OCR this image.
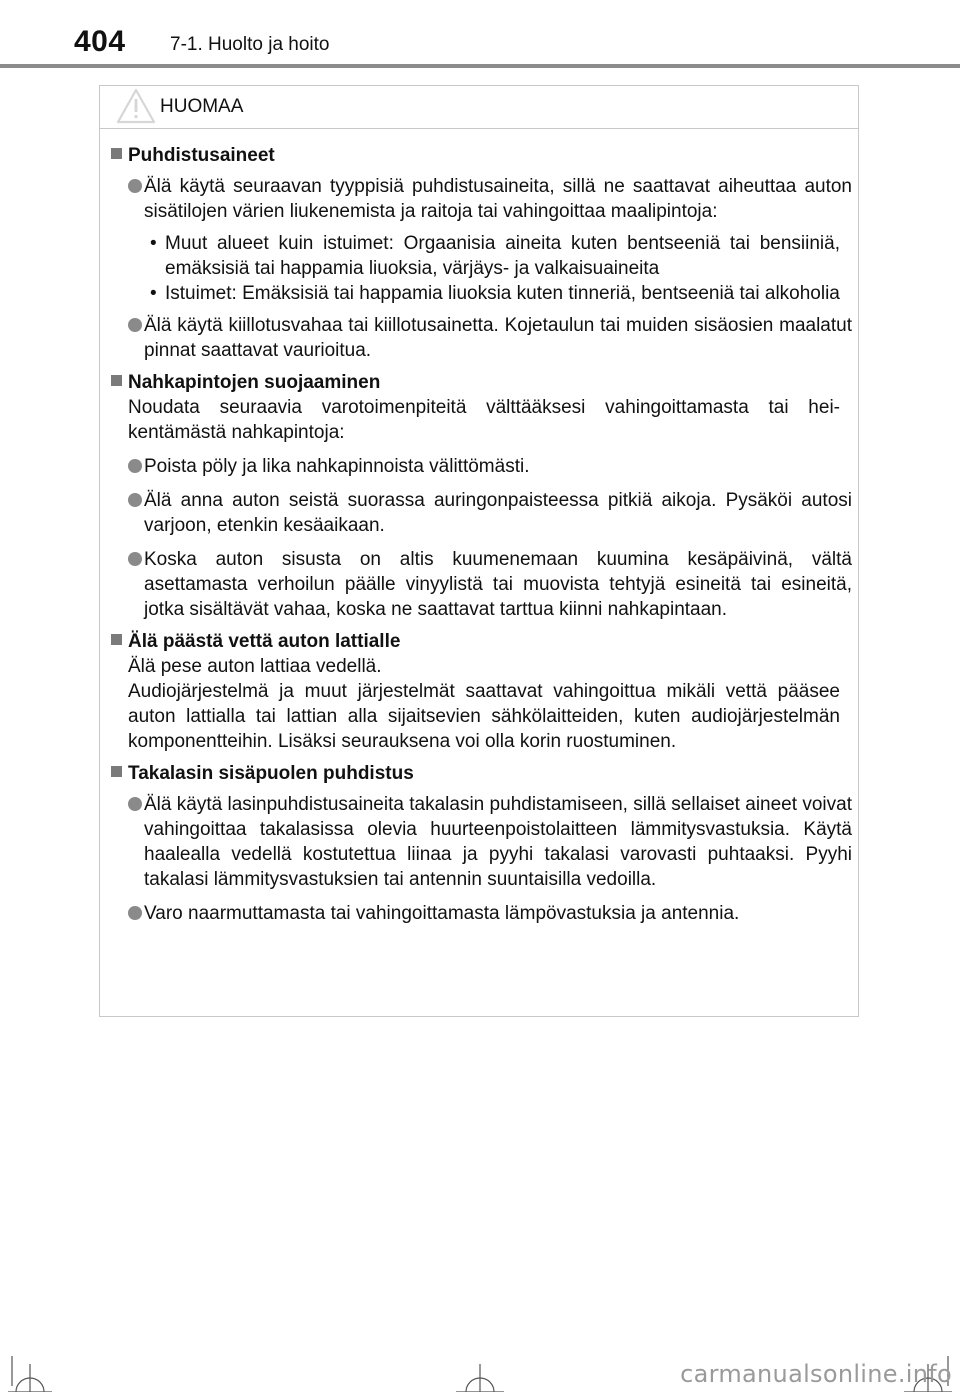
404 7-1. Huolto ja hoito
HUOMAA
Puhdistusaineet
Älä käytä seuraavan tyyppisiä puhdistusaineita, sillä ne saattavat aiheuttaa auton sisätilojen värien liukenemista ja raitoja tai vahingoittaa maalipintoja:
• Muut alueet kuin istuimet: Orgaanisia aineita kuten bentseeniä tai bensiiniä, emäksisiä tai happamia liuoksia, värjäys- ja valkaisuaineita
• Istuimet: Emäksisiä tai happamia liuoksia kuten tinneriä, bentseeniä tai alkoholia
Älä käytä kiillotusvahaa tai kiillotusainetta. Kojetaulun tai muiden sisäosien maalatut pinnat saattavat vaurioitua.
Nahkapintojen suojaaminen
Noudata seuraavia varotoimenpiteitä välttääksesi vahingoittamasta tai heikentämästä nahkapintoja:
Poista pöly ja lika nahkapinnoista välittömästi.
Älä anna auton seistä suorassa auringonpaisteessa pitkiä aikoja. Pysäköi autosi varjoon, etenkin kesäaikaan.
Koska auton sisusta on altis kuumenemaan kuumina kesäpäivinä, vältä asettamasta verhoilun päälle vinyylistä tai muovista tehtyjä esineitä tai esineitä, jotka sisältävät vahaa, koska ne saattavat tarttua kiinni nahkapintaan.
Älä päästä vettä auton lattialle
Älä pese auton lattiaa vedellä.
Audiojärjestelmä ja muut järjestelmät saattavat vahingoittua mikäli vettä pääsee auton lattialla tai lattian alla sijaitsevien sähkölaitteiden, kuten audiojärjestelmän komponentteihin. Lisäksi seurauksena voi olla korin ruostuminen.
Takalasin sisäpuolen puhdistus
Älä käytä lasinpuhdistusaineita takalasin puhdistamiseen, sillä sellaiset aineet voivat vahingoittaa takalasissa olevia huurteenpoistolaitteen lämmitysvastuksia. Käytä haalealla vedellä kostutettua liinaa ja pyyhi takalasi varovasti puhtaaksi. Pyyhi takalasi lämmitysvastuksien tai antennin suuntaisilla vedoilla.
Varo naarmuttamasta tai vahingoittamasta lämpövastuksia ja antennia.
carmanualsonline.info
